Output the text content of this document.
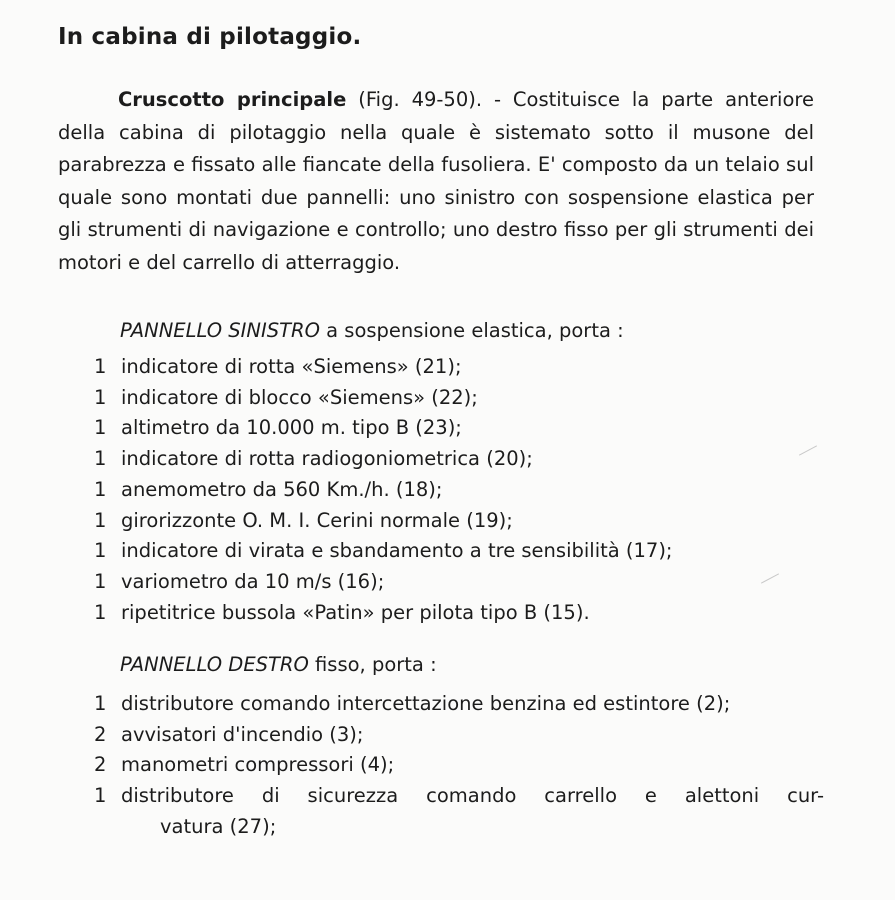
In cabina di pilotaggio.

Cruscotto principale (Fig. 49-50). - Costituisce la parte anteriore della cabina di pilotaggio nella quale è sistemato sotto il musone del parabrezza e fissato alle fiancate della fusoliera. E' composto da un telaio sul quale sono montati due pannelli: uno sinistro con sospensione elastica per gli strumenti di navigazione e controllo; uno destro fisso per gli strumenti dei motori e del carrello di atterraggio.

PANNELLO SINISTRO a sospensione elastica, porta :

1 indicatore di rotta «Siemens» (21);
1 indicatore di blocco «Siemens» (22);
1 altimetro da 10.000 m. tipo B (23);
1 indicatore di rotta radiogoniometrica (20);
1 anemometro da 560 Km./h. (18);
1 girorizzonte O. M. I. Cerini normale (19);
1 indicatore di virata e sbandamento a tre sensibilità (17);
1 variometro da 10 m/s (16);
1 ripetitrice bussola «Patin» per pilota tipo B (15).

PANNELLO DESTRO fisso, porta :

1 distributore comando intercettazione benzina ed estintore (2);
2 avvisatori d'incendio (3);
2 manometri compressori (4);
1 distributore di sicurezza comando carrello e alettoni cur-
vatura (27);
